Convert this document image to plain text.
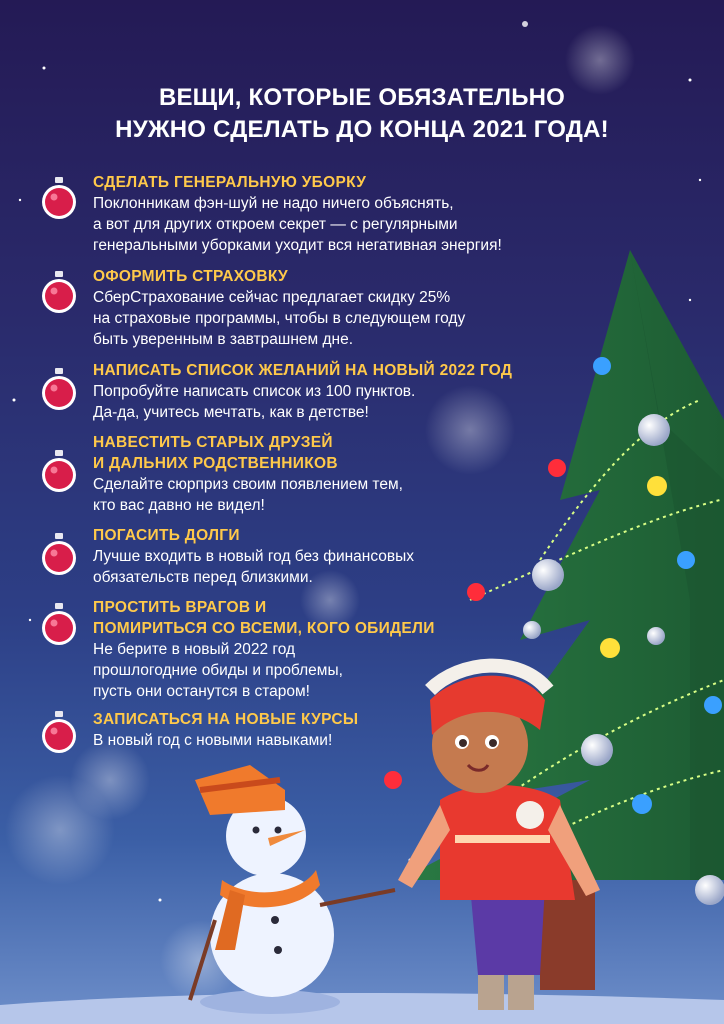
ВЕЩИ, КОТОРЫЕ ОБЯЗАТЕЛЬНО
НУЖНО СДЕЛАТЬ ДО КОНЦА 2021 ГОДА!
СДЕЛАТЬ ГЕНЕРАЛЬНУЮ УБОРКУ
Поклонникам фэн-шуй не надо ничего объяснять,
а вот для других откроем секрет — с регулярными
генеральными уборками уходит вся негативная энергия!
ОФОРМИТЬ СТРАХОВКУ
СберСтрахование сейчас предлагает скидку 25%
на страховые программы, чтобы в следующем году
быть уверенным в завтрашнем дне.
НАПИСАТЬ СПИСОК ЖЕЛАНИЙ НА НОВЫЙ 2022 ГОД
Попробуйте написать список из 100 пунктов.
Да-да, учитесь мечтать, как в детстве!
НАВЕСТИТЬ СТАРЫХ ДРУЗЕЙ
И ДАЛЬНИХ РОДСТВЕННИКОВ
Сделайте сюрприз своим появлением тем,
кто вас давно не видел!
ПОГАСИТЬ ДОЛГИ
Лучше входить в новый год без финансовых
обязательств перед близкими.
ПРОСТИТЬ ВРАГОВ И
ПОМИРИТЬСЯ СО ВСЕМИ, КОГО ОБИДЕЛИ
Не берите в новый 2022 год
прошлогодние обиды и проблемы,
пусть они останутся в старом!
ЗАПИСАТЬСЯ НА НОВЫЕ КУРСЫ
В новый год с новыми навыками!
